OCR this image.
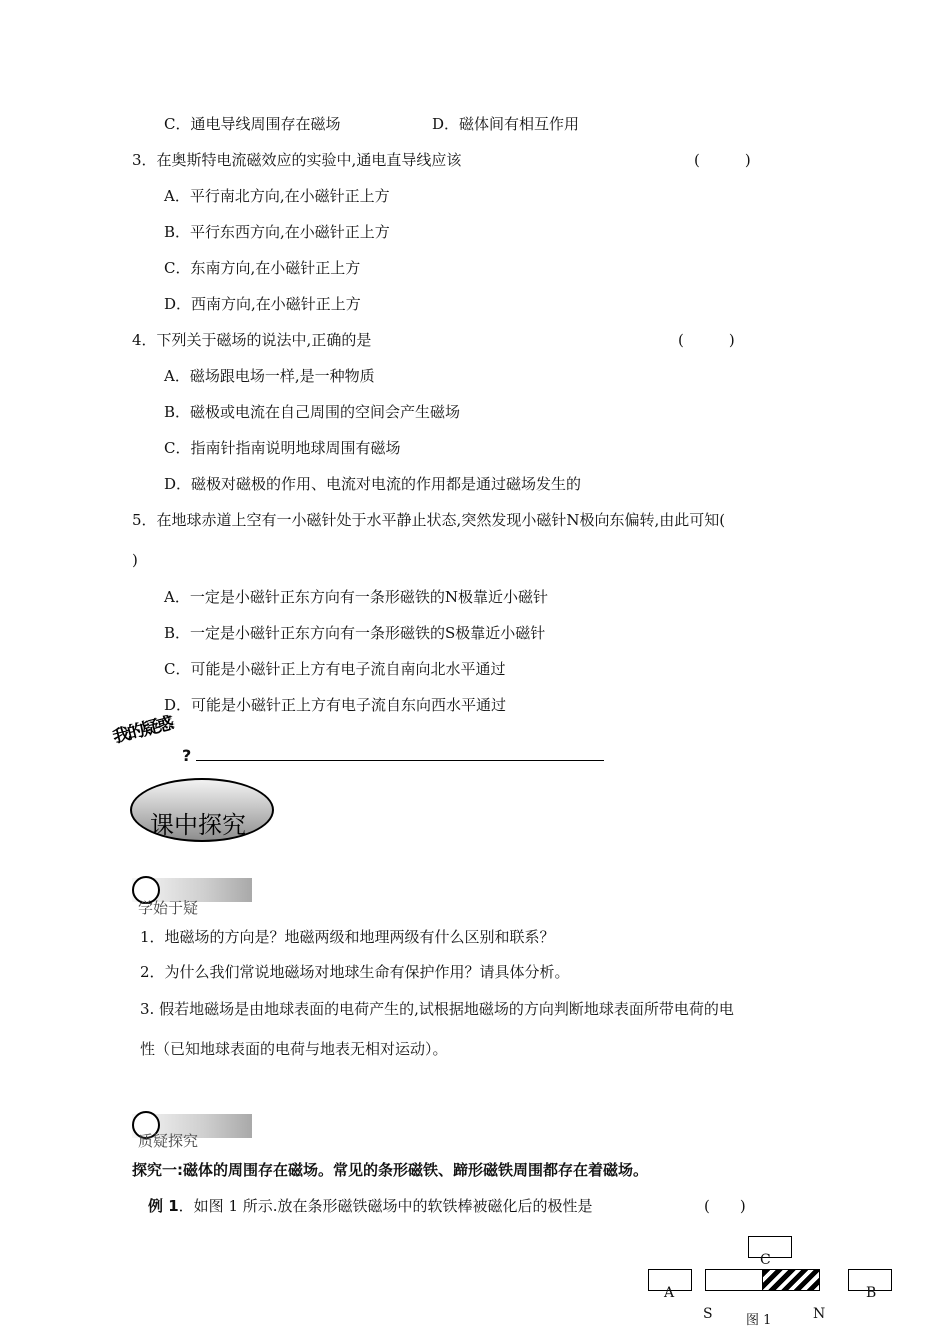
C．通电导线周围存在磁场	D．磁体间有相互作用
3．在奥斯特电流磁效应的实验中,通电直导线应该	(　　　)
A．平行南北方向,在小磁针正上方
B．平行东西方向,在小磁针正上方
C．东南方向,在小磁针正上方
D．西南方向,在小磁针正上方
4．下列关于磁场的说法中,正确的是	(　　　)
A．磁场跟电场一样,是一种物质
B．磁极或电流在自己周围的空间会产生磁场
C．指南针指南说明地球周围有磁场
D．磁极对磁极的作用、电流对电流的作用都是通过磁场发生的
5．在地球赤道上空有一小磁针处于水平静止状态,突然发现小磁针N极向东偏转,由此可知(
)
A．一定是小磁针正东方向有一条形磁铁的N极靠近小磁针
B．一定是小磁针正东方向有一条形磁铁的S极靠近小磁针
C．可能是小磁针正上方有电子流自南向北水平通过
D．可能是小磁针正上方有电子流自东向西水平通过
我的疑惑
?
课中探究
学始于疑
1．地磁场的方向是？地磁两级和地理两级有什么区别和联系？
2．为什么我们常说地磁场对地球生命有保护作用？请具体分析。
3. 假若地磁场是由地球表面的电荷产生的,试根据地磁场的方向判断地球表面所带电荷的电
性（已知地球表面的电荷与地表无相对运动）。
质疑探究
探究一:磁体的周围存在磁场。常见的条形磁铁、蹄形磁铁周围都存在着磁场。
例 1．如图 1 所示.放在条形磁铁磁场中的软铁棒被磁化后的极性是	(　　)
C
A	B
S	图 1	N
